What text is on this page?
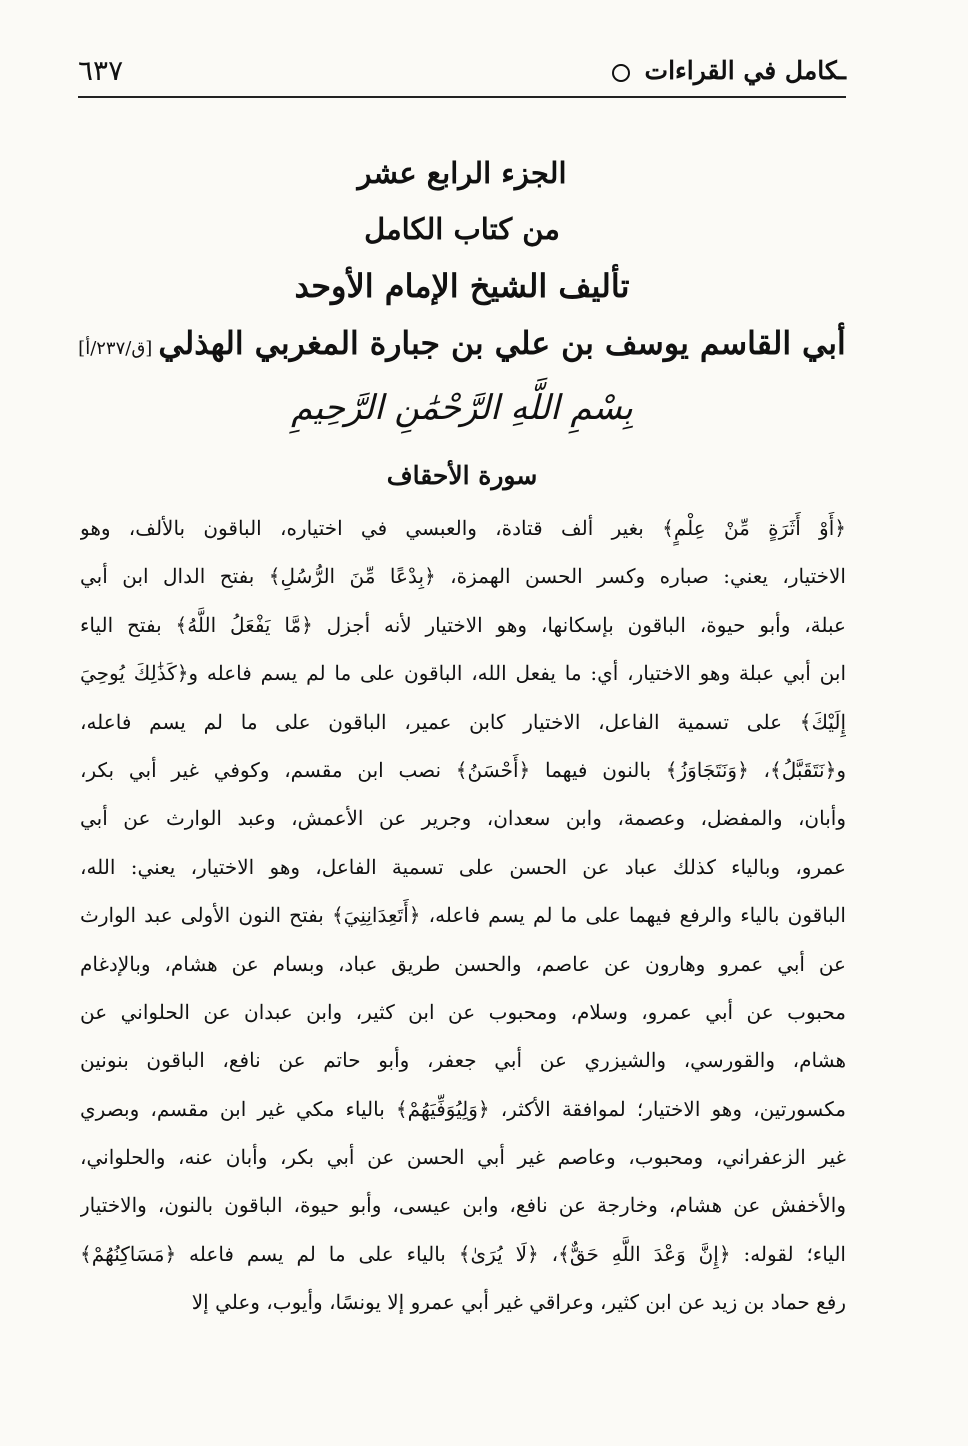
ـكامل في القراءات
٦٣٧
الجزء الرابع عشر
من كتاب الكامل
تأليف الشيخ الإمام الأوحد
أبي القاسم يوسف بن علي بن جبارة المغربي الهذلي[ق/٢٣٧/أ]
بِسْمِ اللَّهِ الرَّحْمَٰنِ الرَّحِيمِ
سورة الأحقاف
﴿أَوْ أَثَرَةٍ مِّنْ عِلْمٍ﴾ بغير ألف قتادة، والعبسي في اختياره، الباقون بالألف، وهو
الاختيار، يعني: صباره وكسر الحسن الهمزة، ﴿بِدْعًا مِّنَ الرُّسُلِ﴾ بفتح الدال ابن أبي
عبلة، وأبو حيوة، الباقون بإسكانها، وهو الاختيار لأنه أجزل ﴿مَّا يَفْعَلُ اللَّهُ﴾ بفتح الياء
ابن أبي عبلة وهو الاختيار، أي: ما يفعل الله، الباقون على ما لم يسم فاعله و﴿كَذَٰلِكَ يُوحِيَ
إِلَيْكَ﴾ على تسمية الفاعل، الاختيار كابن عمير، الباقون على ما لم يسم فاعله،
و﴿نَتَقَبَّلُ﴾، ﴿وَنَتَجَاوَزُ﴾ بالنون فيهما ﴿أَحْسَنُ﴾ نصب ابن مقسم، وكوفي غير أبي بكر،
وأبان، والمفضل، وعصمة، وابن سعدان، وجرير عن الأعمش، وعبد الوارث عن أبي
عمرو، وبالياء كذلك عباد عن الحسن على تسمية الفاعل، وهو الاختيار، يعني: الله،
الباقون بالياء والرفع فيهما على ما لم يسم فاعله، ﴿أَتَعِدَانِنِيَ﴾ بفتح النون الأولى عبد الوارث
عن أبي عمرو وهارون عن عاصم، والحسن طريق عباد، وبسام عن هشام، وبالإدغام
محبوب عن أبي عمرو، وسلام، ومحبوب عن ابن كثير، وابن عبدان عن الحلواني عن
هشام، والقورسي، والشيزري عن أبي جعفر، وأبو حاتم عن نافع، الباقون بنونين
مكسورتين، وهو الاختيار؛ لموافقة الأكثر، ﴿وَلِيُوَفِّيَهُمْ﴾ بالياء مكي غير ابن مقسم، وبصري
غير الزعفراني، ومحبوب، وعاصم غير أبي الحسن عن أبي بكر، وأبان عنه، والحلواني،
والأخفش عن هشام، وخارجة عن نافع، وابن عيسى، وأبو حيوة، الباقون بالنون، والاختيار
الياء؛ لقوله: ﴿إِنَّ وَعْدَ اللَّهِ حَقٌّ﴾، ﴿لَا يُرَىٰ﴾ بالياء على ما لم يسم فاعله ﴿مَسَاكِنُهُمْ﴾
رفع حماد بن زيد عن ابن كثير، وعراقي غير أبي عمرو إلا يونسًا، وأيوب، وعلي إلا
